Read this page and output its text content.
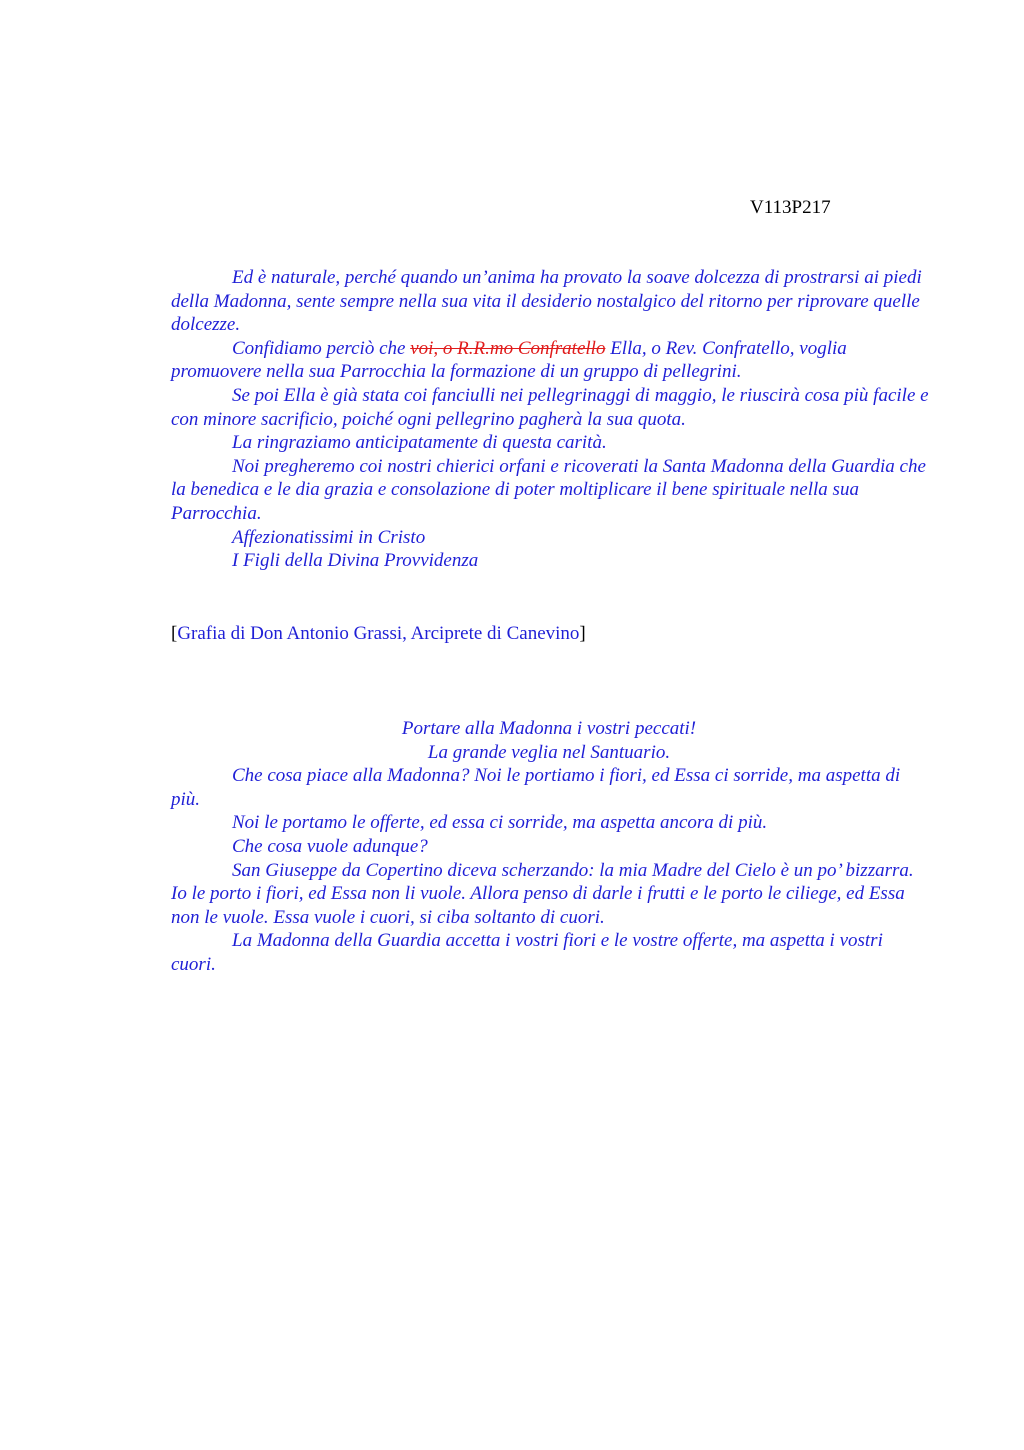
V113P217

Ed è naturale, perché quando un’anima ha provato la soave dolcezza di prostrarsi ai piedi della Madonna, sente sempre nella sua vita il desiderio nostalgico del ritorno per riprovare quelle dolcezze.

Confidiamo perciò che voi, o R.R.mo Confratello Ella, o Rev. Confratello, voglia promuovere nella sua Parrocchia la formazione di un gruppo di pellegrini.

Se poi Ella è già stata coi fanciulli nei pellegrinaggi di maggio, le riuscirà cosa più facile e con minore sacrificio, poiché ogni pellegrino pagherà la sua quota.

La ringraziamo anticipatamente di questa carità.

Noi pregheremo coi nostri chierici orfani e ricoverati la Santa Madonna della Guardia che la benedica e le dia grazia e consolazione di poter moltiplicare il bene spirituale nella sua Parrocchia.

Affezionatissimi in Cristo

I Figli della Divina Provvidenza

[Grafia di Don Antonio Grassi, Arciprete di Canevino]

Portare alla Madonna i vostri peccati!

La grande veglia nel Santuario.

Che cosa piace alla Madonna? Noi le portiamo i fiori, ed Essa ci sorride, ma aspetta di più.

Noi le portamo le offerte, ed essa ci sorride, ma aspetta ancora di più.

Che cosa vuole adunque?

San Giuseppe da Copertino diceva scherzando: la mia Madre del Cielo è un po’ bizzarra. Io le porto i fiori, ed Essa non li vuole. Allora penso di darle i frutti e le porto le ciliege, ed Essa non le vuole. Essa vuole i cuori, si ciba soltanto di cuori.

La Madonna della Guardia accetta i vostri fiori e le vostre offerte, ma aspetta i vostri cuori.
